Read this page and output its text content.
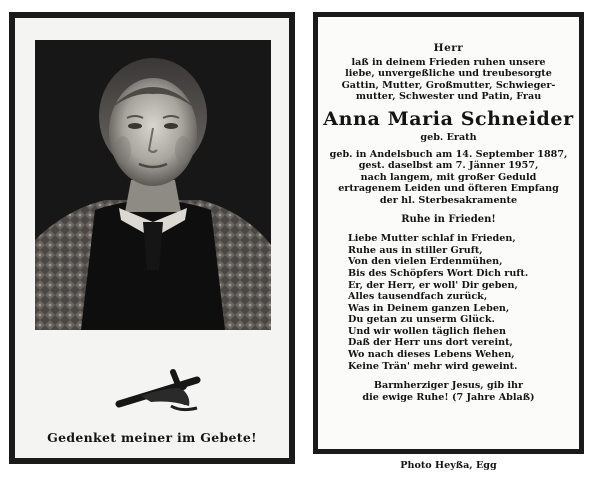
Gedenket meiner im Gebete!
Herr
laß in deinem Frieden ruhen unsere
liebe, unvergeßliche und treubesorgte
Gattin, Mutter, Großmutter, Schwieger-
mutter, Schwester und Patin, Frau
Anna Maria Schneider
geb. Erath
geb. in Andelsbuch am 14. September 1887,
gest. daselbst am 7. Jänner 1957,
nach langem, mit großer Geduld
ertragenem Leiden und öfteren Empfang
der hl. Sterbesakramente
Ruhe in Frieden!
Liebe Mutter schlaf in Frieden,
Ruhe aus in stiller Gruft,
Von den vielen Erdenmühen,
Bis des Schöpfers Wort Dich ruft.
Er, der Herr, er woll' Dir geben,
Alles tausendfach zurück,
Was in Deinem ganzen Leben,
Du getan zu unserm Glück.
Und wir wollen täglich flehen
Daß der Herr uns dort vereint,
Wo nach dieses Lebens Wehen,
Keine Trän' mehr wird geweint.
Barmherziger Jesus, gib ihr
die ewige Ruhe! (7 Jahre Ablaß)
Photo Heyßa, Egg
